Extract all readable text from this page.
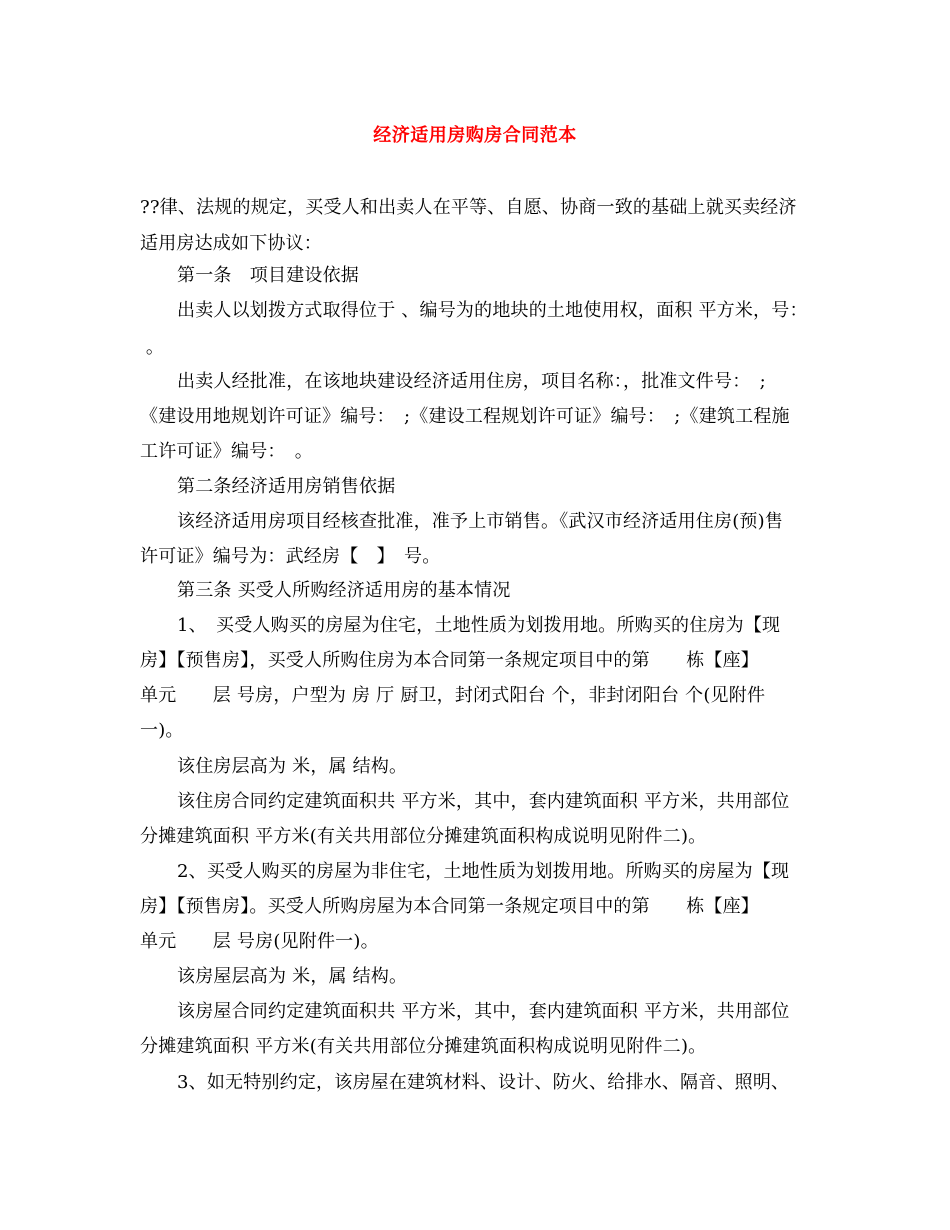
经济适用房购房合同范本
??律、法规的规定，买受人和出卖人在平等、自愿、协商一致的基础上就买卖经济
适用房达成如下协议：
第一条　项目建设依据
出卖人以划拨方式取得位于 、编号为的地块的土地使用权，面积 平方米，号：
。
出卖人经批准，在该地块建设经济适用住房，项目名称：，批准文件号：　;
《建设用地规划许可证》编号：　;《建设工程规划许可证》编号：　;《建筑工程施
工许可证》编号：　。
第二条经济适用房销售依据
该经济适用房项目经核查批准，准予上市销售。《武汉市经济适用住房(预)售
许可证》编号为：武经房【　】　号。
第三条 买受人所购经济适用房的基本情况
1、　买受人购买的房屋为住宅，土地性质为划拨用地。所购买的住房为【现
房】【预售房】，买受人所购住房为本合同第一条规定项目中的第　　栋【座】
单元　　层 号房，户型为 房 厅 厨卫，封闭式阳台 个，非封闭阳台 个(见附件
一)。
该住房层高为 米，属 结构。
该住房合同约定建筑面积共 平方米，其中，套内建筑面积 平方米，共用部位
分摊建筑面积 平方米(有关共用部位分摊建筑面积构成说明见附件二)。
2、买受人购买的房屋为非住宅，土地性质为划拨用地。所购买的房屋为【现
房】【预售房】。买受人所购房屋为本合同第一条规定项目中的第　　栋【座】
单元　　层 号房(见附件一)。
该房屋层高为 米，属 结构。
该房屋合同约定建筑面积共 平方米，其中，套内建筑面积 平方米，共用部位
分摊建筑面积 平方米(有关共用部位分摊建筑面积构成说明见附件二)。
3、如无特别约定，该房屋在建筑材料、设计、防火、给排水、隔音、照明、
